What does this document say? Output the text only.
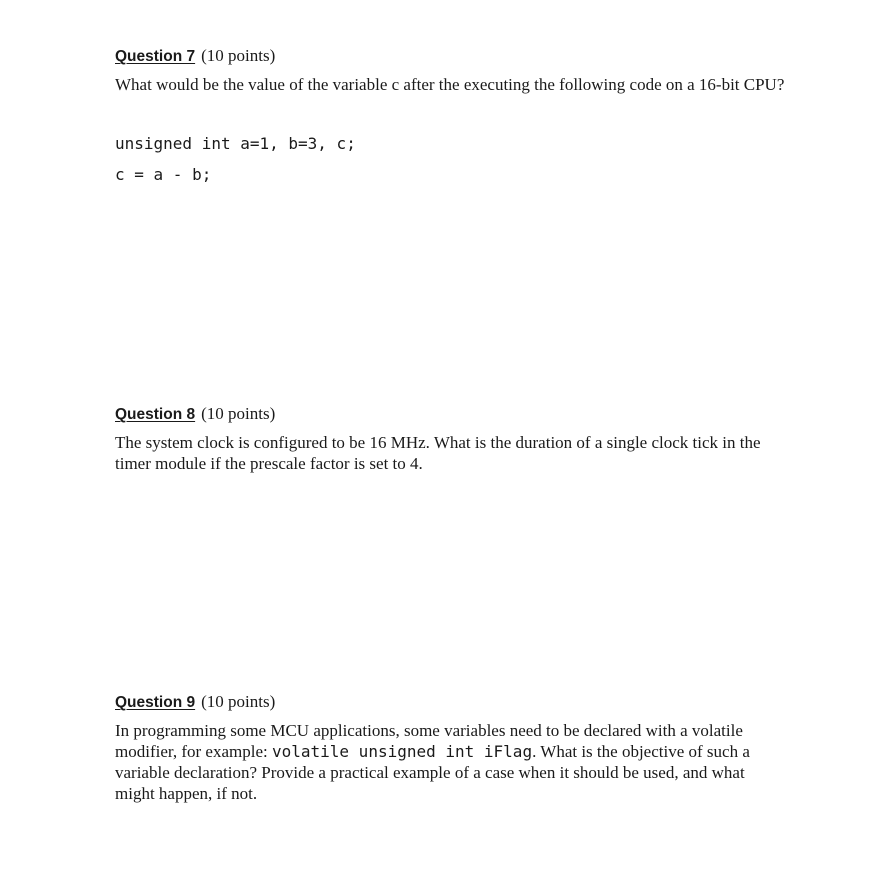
Question 7 (10 points)
What would be the value of the variable c after the executing the following code on a 16-bit CPU?
unsigned int a=1, b=3, c;
c = a - b;
Question 8 (10 points)
The system clock is configured to be 16 MHz. What is the duration of a single clock tick in the timer module if the prescale factor is set to 4.
Question 9 (10 points)
In programming some MCU applications, some variables need to be declared with a volatile modifier, for example: volatile unsigned int iFlag. What is the objective of such a variable declaration? Provide a practical example of a case when it should be used, and what might happen, if not.
